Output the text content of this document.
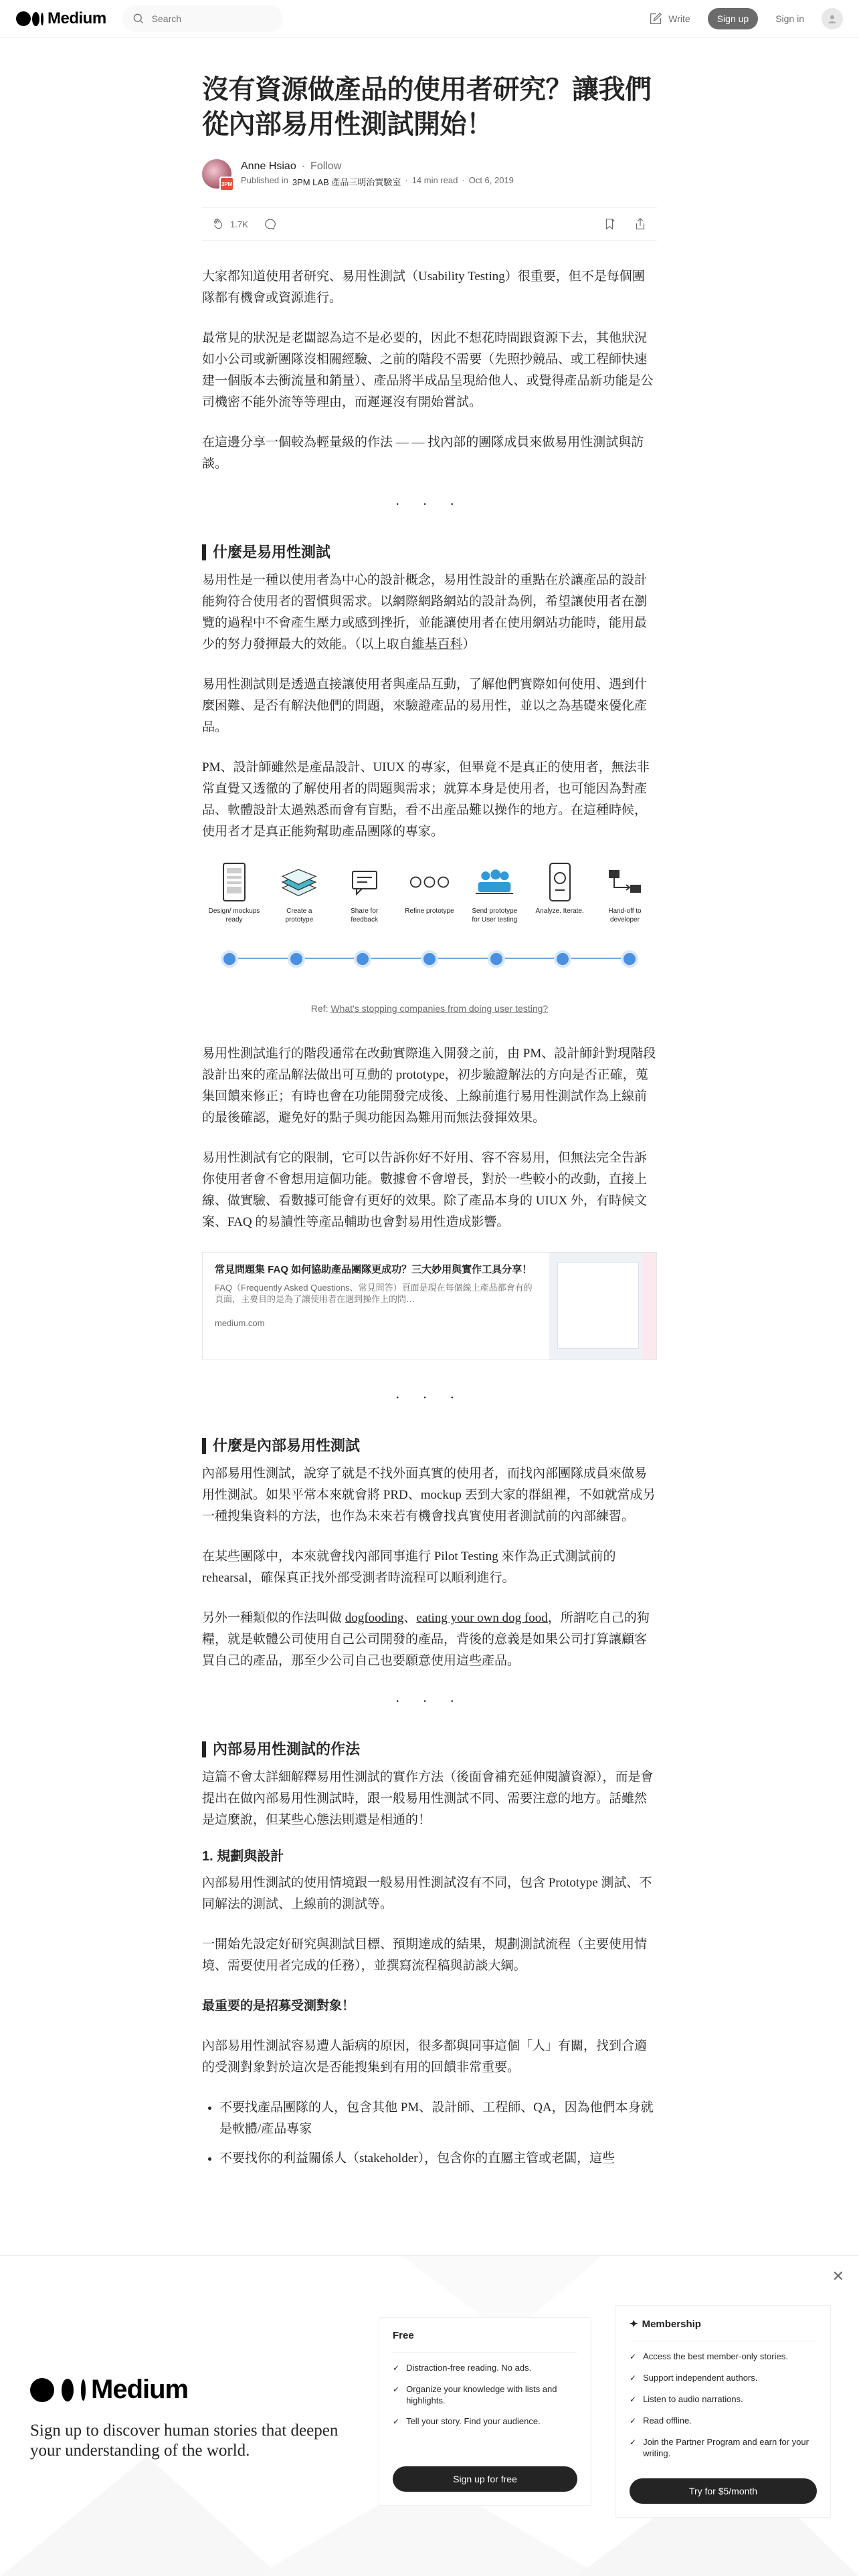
Medium
Search	Write	Sign up	Sign in
沒有資源做產品的使用者研究？讓我們從內部易用性測試開始！
3PM
Anne Hsiao · Follow
Published in 3PM LAB 產品三明治實驗室 · 14 min read · Oct 6, 2019
1.7K

大家都知道使用者研究、易用性測試（Usability Testing）很重要，但不是每個團隊都有機會或資源進行。

最常見的狀況是老闆認為這不是必要的，因此不想花時間跟資源下去，其他狀況如小公司或新團隊沒相關經驗、之前的階段不需要（先照抄競品、或工程師快速建一個版本去衝流量和銷量）、產品將半成品呈現給他人、或覺得產品新功能是公司機密不能外流等等理由，而遲遲沒有開始嘗試。

在這邊分享一個較為輕量級的作法 — — 找內部的團隊成員來做易用性測試與訪談。

· · ·
什麼是易用性測試

易用性是一種以使用者為中心的設計概念，易用性設計的重點在於讓產品的設計能夠符合使用者的習慣與需求。以網際網路網站的設計為例，希望讓使用者在瀏覽的過程中不會產生壓力或感到挫折，並能讓使用者在使用網站功能時，能用最少的努力發揮最大的效能。（以上取自維基百科）

易用性測試則是透過直接讓使用者與產品互動，了解他們實際如何使用、遇到什麼困難、是否有解決他們的問題，來驗證產品的易用性，並以之為基礎來優化產品。

PM、設計師雖然是產品設計、UIUX 的專家，但畢竟不是真正的使用者，無法非常直覺又透徹的了解使用者的問題與需求；就算本身是使用者，也可能因為對產品、軟體設計太過熟悉而會有盲點，看不出產品難以操作的地方。在這種時候，使用者才是真正能夠幫助產品團隊的專家。

Design/ mockups ready
Create a prototype
Share for feedback
Refine prototype	Send prototype for User testing
Analyze. Iterate.	Hand-off to developer
Ref: What's stopping companies from doing user testing?

易用性測試進行的階段通常在改動實際進入開發之前，由 PM、設計師針對現階段設計出來的產品解法做出可互動的 prototype，初步驗證解法的方向是否正確，蒐集回饋來修正；有時也會在功能開發完成後、上線前進行易用性測試作為上線前的最後確認，避免好的點子與功能因為難用而無法發揮效果。

易用性測試有它的限制，它可以告訴你好不好用、容不容易用，但無法完全告訴你使用者會不會想用這個功能。數據會不會增長，對於一些較小的改動，直接上線、做實驗、看數據可能會有更好的效果。除了產品本身的 UIUX 外，有時候文案、FAQ 的易讀性等產品輔助也會對易用性造成影響。

常見問題集 FAQ 如何協助產品團隊更成功？三大妙用與實作工具分享！
FAQ（Frequently Asked Questions、常見問答）頁面是現在每個線上產品都會有的頁面，主要目的是為了讓使用者在遇到操作上的問…
medium.com
· · ·
什麼是內部易用性測試

內部易用性測試，說穿了就是不找外面真實的使用者，而找內部團隊成員來做易用性測試。如果平常本來就會將 PRD、mockup 丟到大家的群組裡，不如就當成另一種搜集資料的方法，也作為未來若有機會找真實使用者測試前的內部練習。

在某些團隊中，本來就會找內部同事進行 Pilot Testing 來作為正式測試前的 rehearsal，確保真正找外部受測者時流程可以順利進行。

另外一種類似的作法叫做 dogfooding、eating your own dog food，所謂吃自己的狗糧，就是軟體公司使用自己公司開發的產品，背後的意義是如果公司打算讓顧客買自己的產品，那至少公司自己也要願意使用這些產品。

· · ·
內部易用性測試的作法

這篇不會太詳細解釋易用性測試的實作方法（後面會補充延伸閱讀資源），而是會提出在做內部易用性測試時，跟一般易用性測試不同、需要注意的地方。話雖然是這麼說，但某些心態法則還是相通的！

1. 規劃與設計

內部易用性測試的使用情境跟一般易用性測試沒有不同，包含 Prototype 測試、不同解法的測試、上線前的測試等。

一開始先設定好研究與測試目標、預期達成的結果，規劃測試流程（主要使用情境、需要使用者完成的任務），並撰寫流程稿與訪談大綱。

最重要的是招募受測對象！

內部易用性測試容易遭人詬病的原因，很多都與同事這個「人」有關，找到合適的受測對象對於這次是否能搜集到有用的回饋非常重要。

• 不要找產品團隊的人，包含其他 PM、設計師、工程師、QA，因為他們本身就是軟體/產品專家
• 不要找你的利益關係人（stakeholder），包含你的直屬主管或老闆，這些
✕
Medium
Sign up to discover human stories that deepen your understanding of the world.
Free
✓ Distraction-free reading. No ads.
✓ Organize your knowledge with lists and highlights.
✓ Tell your story. Find your audience.
Sign up for free
✦ Membership
✓ Access the best member-only stories.
✓ Support independent authors.
✓ Listen to audio narrations.
✓ Read offline.
✓ Join the Partner Program and earn for your writing.
Try for $5/month
